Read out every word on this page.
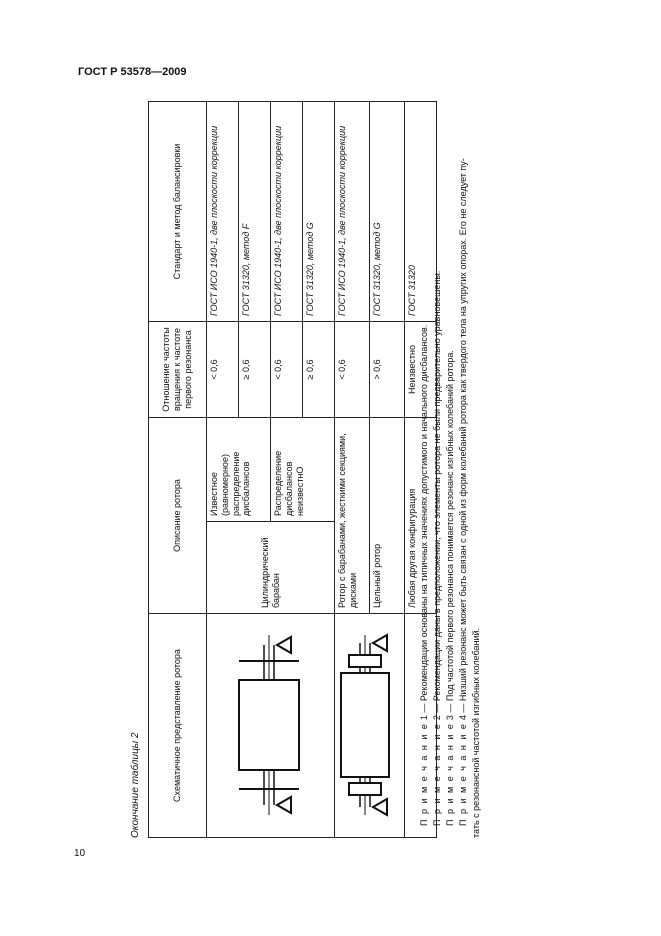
ГОСТ Р 53578—2009
10
Окончание таблицы 2	Схематичное представление ротора	Описание ротора		Отношение частоты вращения к частоте первого резонанса	Стандарт и метод балансировки
	Цилиндрический барабан	Известное (равномерное) распределение дисбалансов	< 0,6	ГОСТ ИСО 1940-1, две плоскости коррекции
			≥ 0,6	ГОСТ 31320, метод F
		Распределение дисбалансов неизвестнО	< 0,6	ГОСТ ИСО 1940-1, две плоскости коррекции
			≥ 0,6	ГОСТ 31320, метод G
	Ротор с барабанами, жесткими секциями, дисками		< 0,6	ГОСТ ИСО 1940-1, две плоскости коррекции
	Цельный ротор		> 0,6	ГОСТ 31320, метод G
	Любая другая конфигурация		Неизвестно	ГОСТ 31320

П р и м е ч а н и е 1 — Рекомендации основаны на типичных значениях допустимого и начального дисбалансов.

П р и м е ч а н и е 2 — Рекомендации даны в предположении, что элементы ротора не были предварительно уравновешены.

П р и м е ч а н и е 3 — Под частотой первого резонанса понимается резонанс изгибных колебаний ротора.

П р и м е ч а н и е 4 — Низший резонанс может быть связан с одной из форм колебаний ротора как твердого тела на упругих опорах. Его не следует пу-

тать с резонансной частотой изгибных колебаний.
